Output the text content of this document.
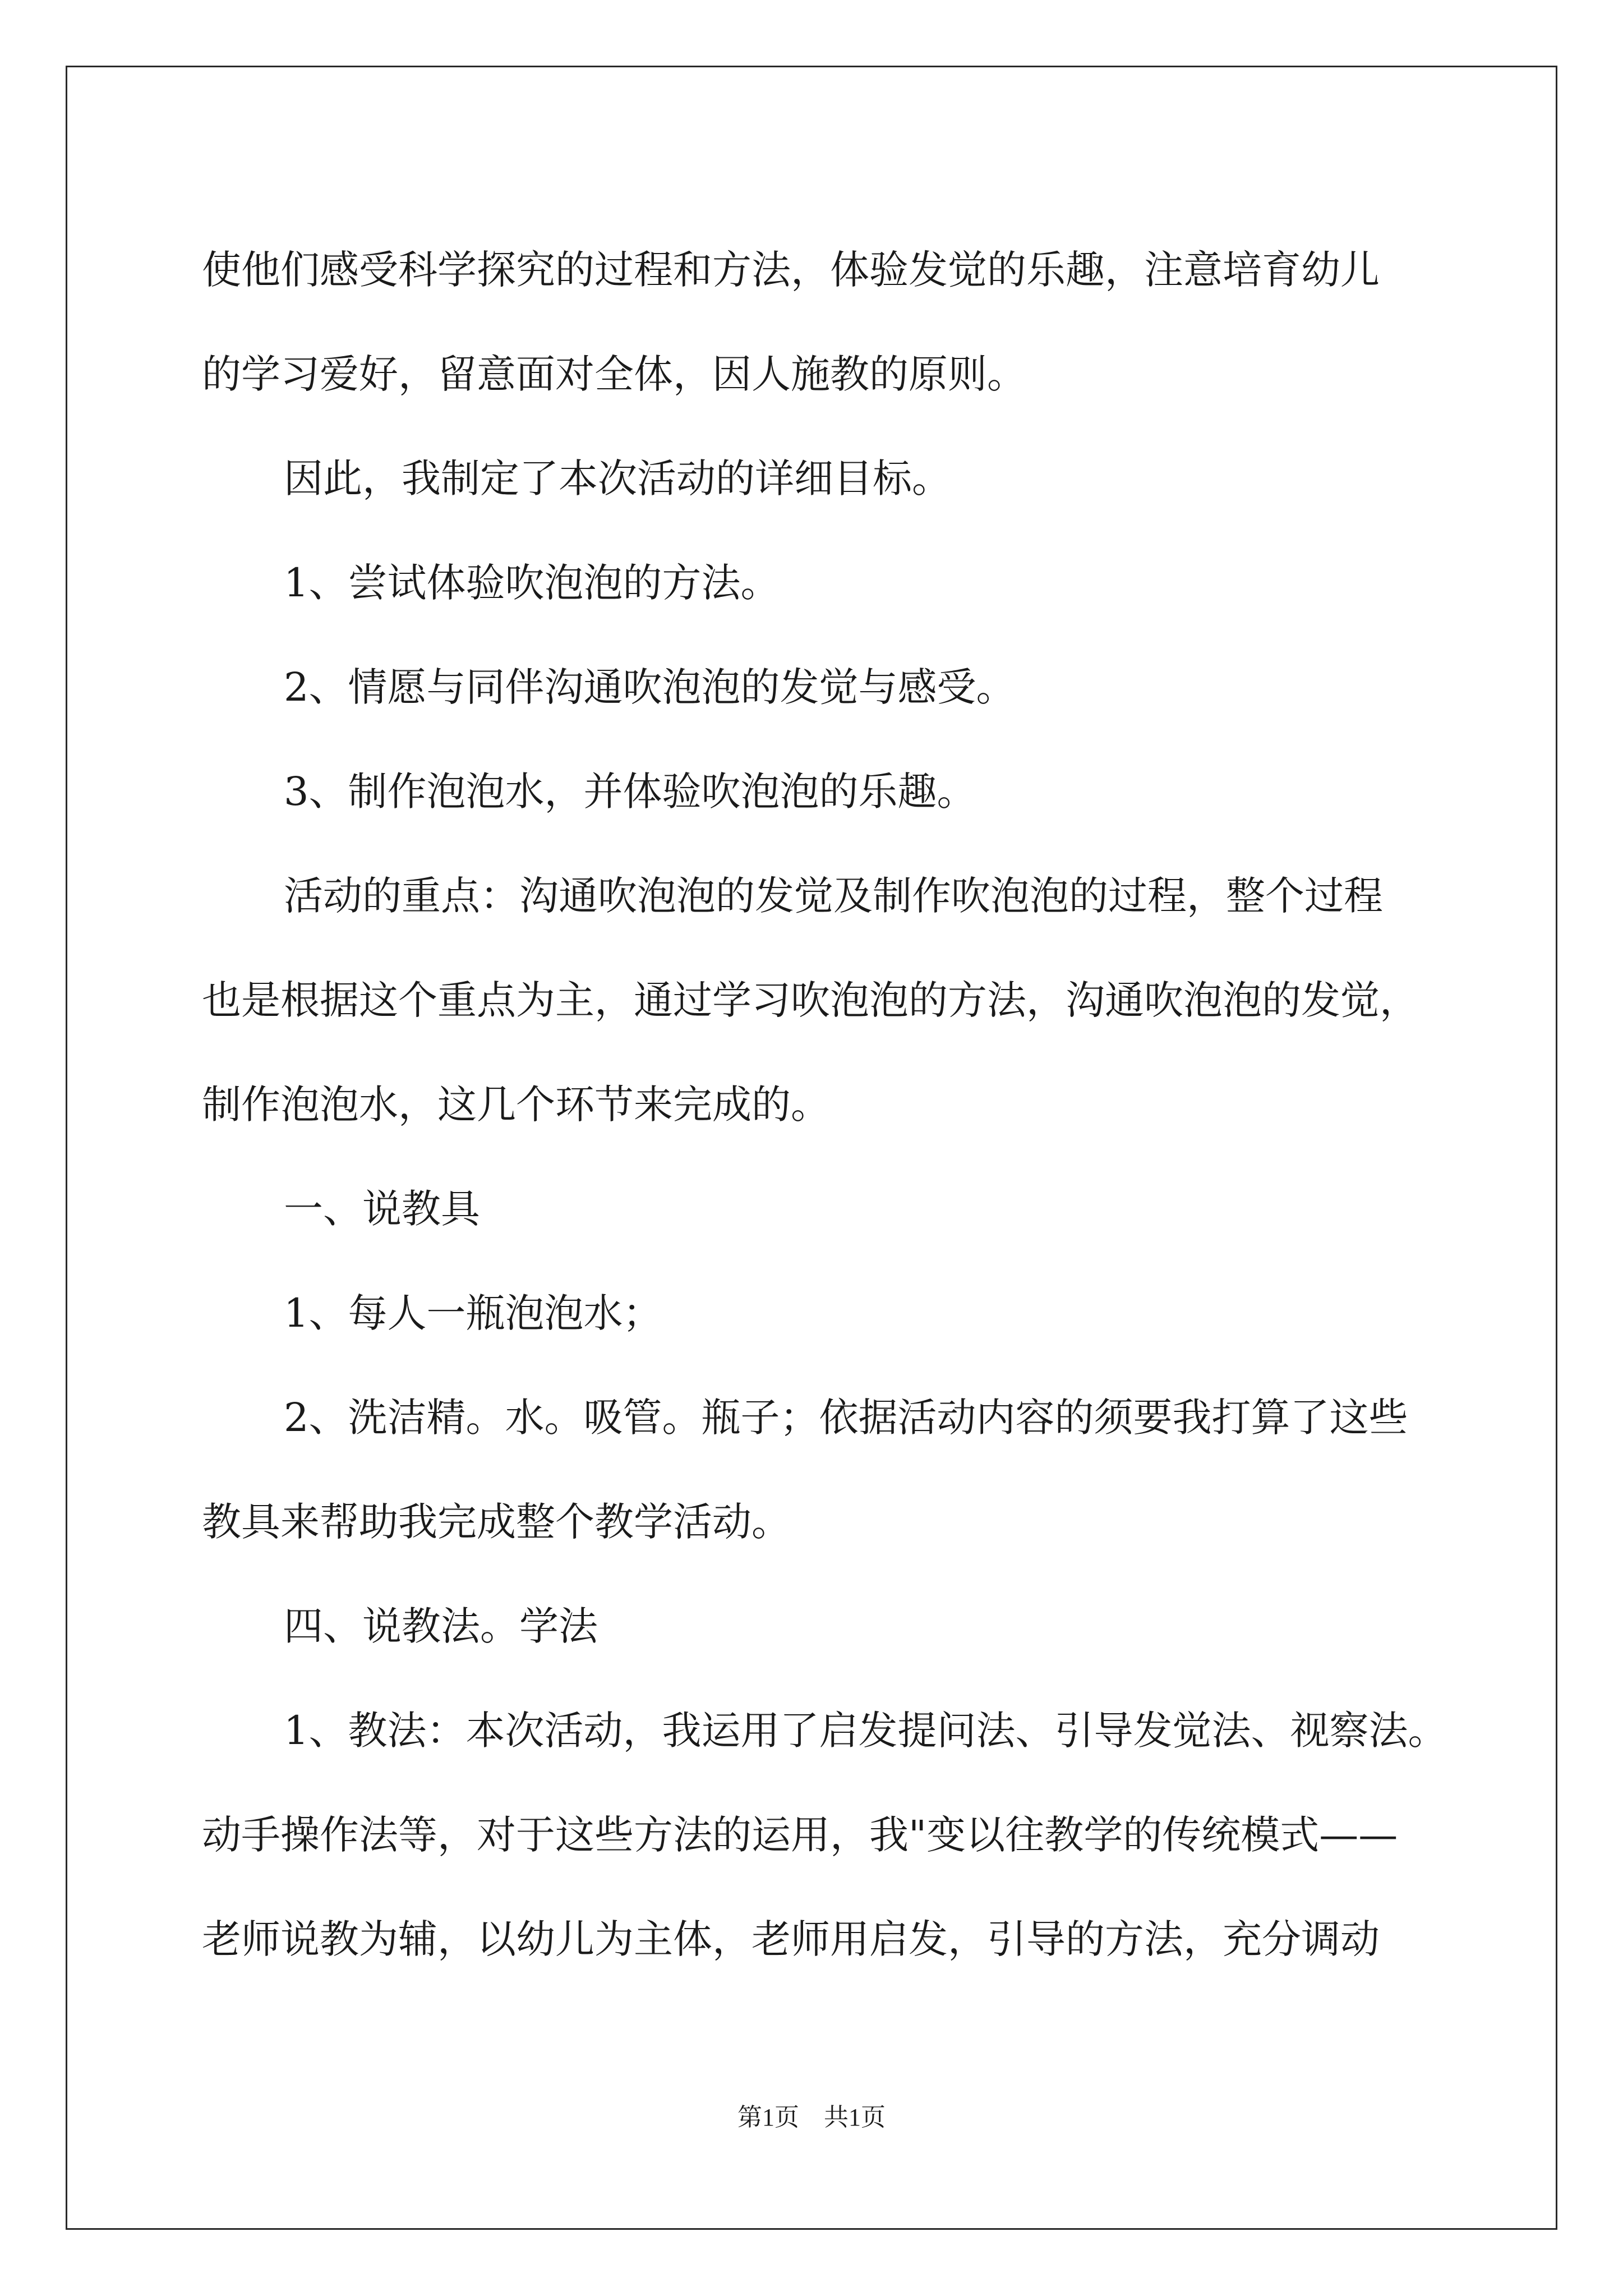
使他们感受科学探究的过程和方法，体验发觉的乐趣，注意培育幼儿

的学习爱好，留意面对全体，因人施教的原则。

因此，我制定了本次活动的详细目标。

1、尝试体验吹泡泡的方法。

2、情愿与同伴沟通吹泡泡的发觉与感受。

3、制作泡泡水，并体验吹泡泡的乐趣。

活动的重点：沟通吹泡泡的发觉及制作吹泡泡的过程，整个过程

也是根据这个重点为主，通过学习吹泡泡的方法，沟通吹泡泡的发觉，

制作泡泡水，这几个环节来完成的。

一、说教具

1、每人一瓶泡泡水；

2、洗洁精。水。吸管。瓶子；依据活动内容的须要我打算了这些

教具来帮助我完成整个教学活动。

四、说教法。学法

1、教法：本次活动，我运用了启发提问法、引导发觉法、视察法。

动手操作法等，对于这些方法的运用，我"变以往教学的传统模式——

老师说教为辅，以幼儿为主体，老师用启发，引导的方法，充分调动

第1页　共1页
